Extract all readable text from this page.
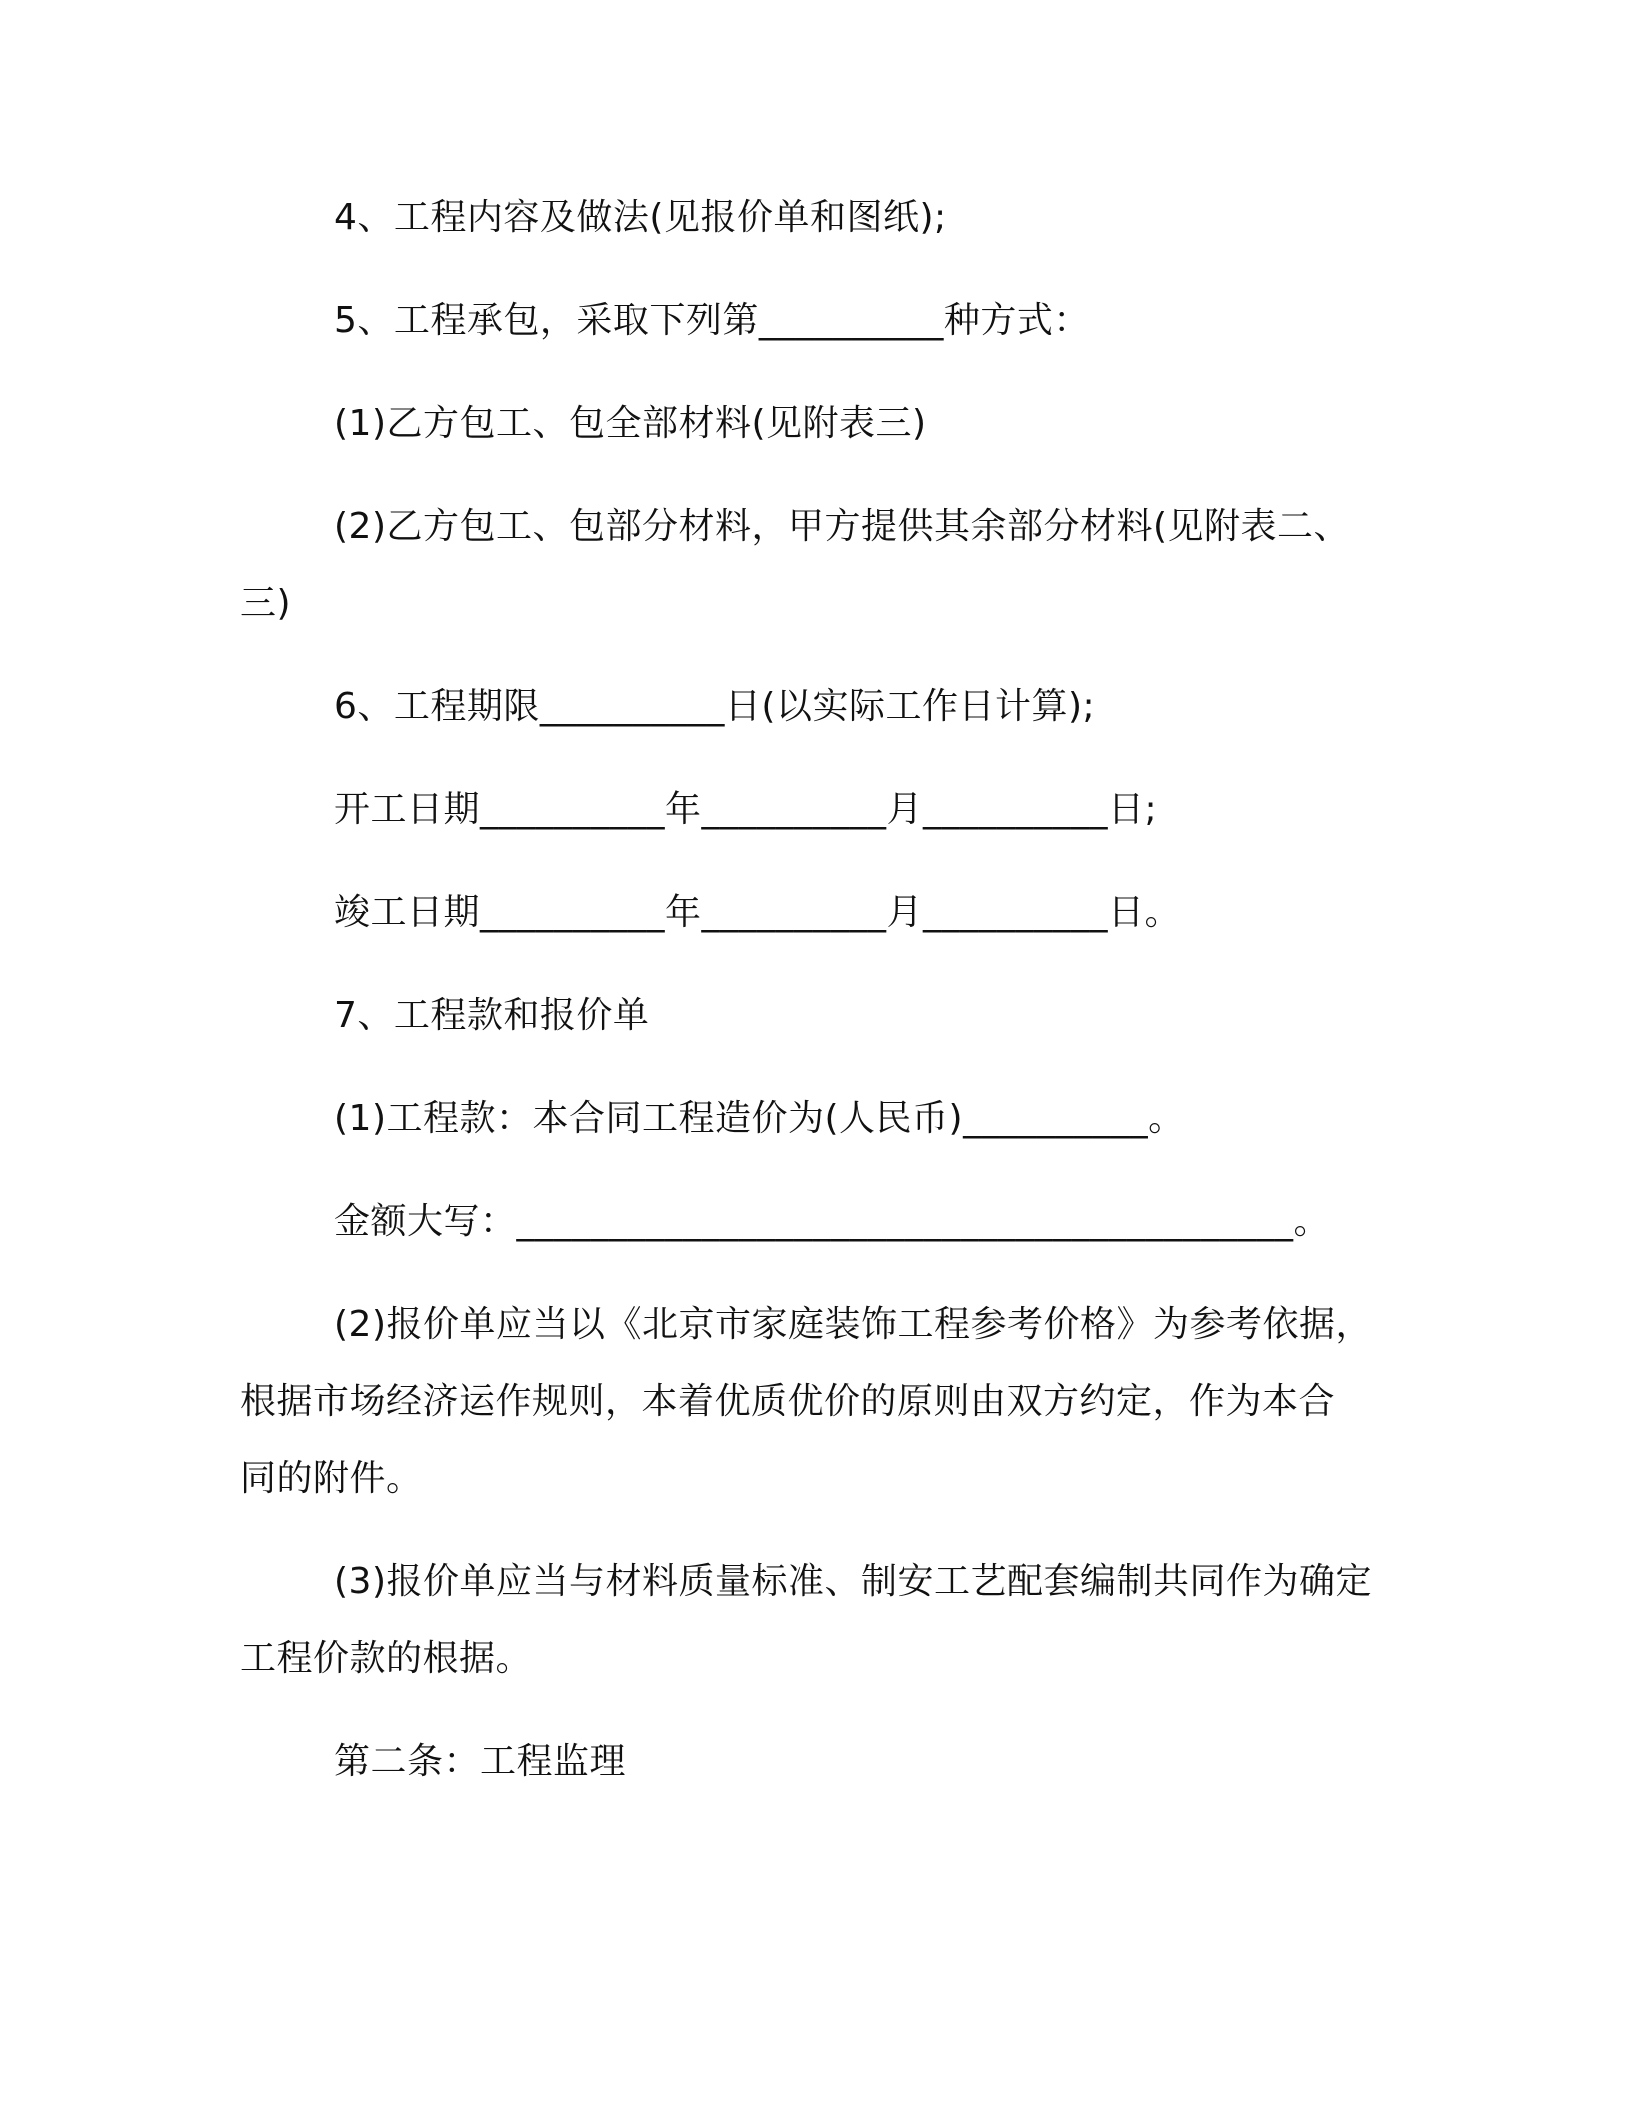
4、工程内容及做法(见报价单和图纸);
5、工程承包，采取下列第__________种方式：
(1)乙方包工、包全部材料(见附表三)
(2)乙方包工、包部分材料，甲方提供其余部分材料(见附表二、
三)
6、工程期限__________日(以实际工作日计算);
开工日期__________年__________月__________日;
竣工日期__________年__________月__________日。
7、工程款和报价单
(1)工程款：本合同工程造价为(人民币)__________。
金额大写：__________________________________________。
(2)报价单应当以《北京市家庭装饰工程参考价格》为参考依据，
根据市场经济运作规则，本着优质优价的原则由双方约定，作为本合
同的附件。
(3)报价单应当与材料质量标准、制安工艺配套编制共同作为确定
工程价款的根据。
第二条：工程监理
